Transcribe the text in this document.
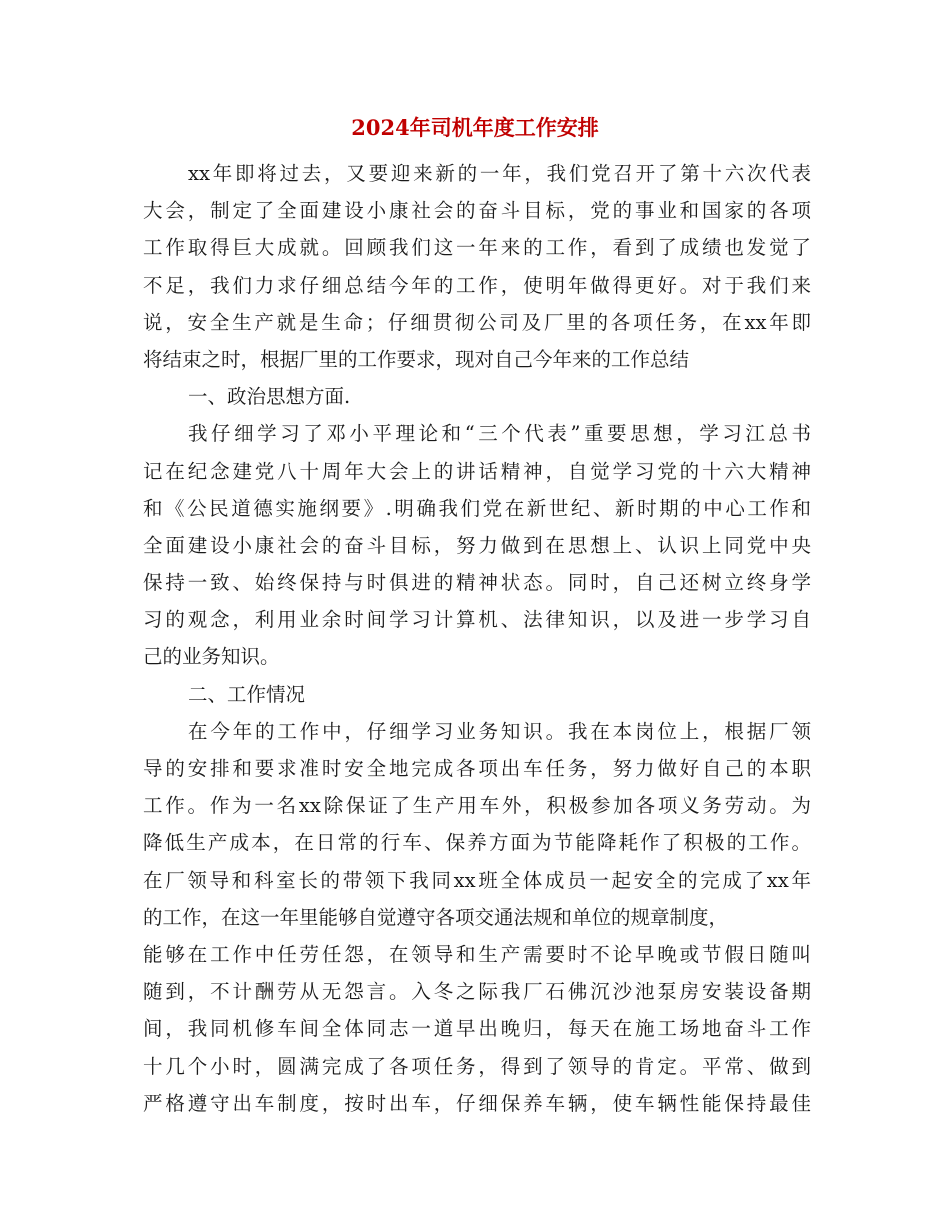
2024年司机年度工作安排
xx年即将过去，又要迎来新的一年，我们党召开了第十六次代表
大会，制定了全面建设小康社会的奋斗目标，党的事业和国家的各项
工作取得巨大成就。回顾我们这一年来的工作，看到了成绩也发觉了
不足，我们力求仔细总结今年的工作，使明年做得更好。对于我们来
说，安全生产就是生命；仔细贯彻公司及厂里的各项任务，在xx年即
将结束之时，根据厂里的工作要求，现对自己今年来的工作总结
一、政治思想方面.
我仔细学习了邓小平理论和“三个代表”重要思想，学习江总书
记在纪念建党八十周年大会上的讲话精神，自觉学习党的十六大精神
和《公民道德实施纲要》.明确我们党在新世纪、新时期的中心工作和
全面建设小康社会的奋斗目标，努力做到在思想上、认识上同党中央
保持一致、始终保持与时俱进的精神状态。同时，自己还树立终身学
习的观念，利用业余时间学习计算机、法律知识，以及进一步学习自
己的业务知识。
二、工作情况
在今年的工作中，仔细学习业务知识。我在本岗位上，根据厂领
导的安排和要求准时安全地完成各项出车任务，努力做好自己的本职
工作。作为一名xx除保证了生产用车外，积极参加各项义务劳动。为
降低生产成本，在日常的行车、保养方面为节能降耗作了积极的工作。
在厂领导和科室长的带领下我同xx班全体成员一起安全的完成了xx年
的工作，在这一年里能够自觉遵守各项交通法规和单位的规章制度，
能够在工作中任劳任怨，在领导和生产需要时不论早晚或节假日随叫
随到，不计酬劳从无怨言。入冬之际我厂石佛沉沙池泵房安装设备期
间，我同机修车间全体同志一道早出晚归，每天在施工场地奋斗工作
十几个小时，圆满完成了各项任务，得到了领导的肯定。平常、做到
严格遵守出车制度，按时出车，仔细保养车辆，使车辆性能保持最佳
